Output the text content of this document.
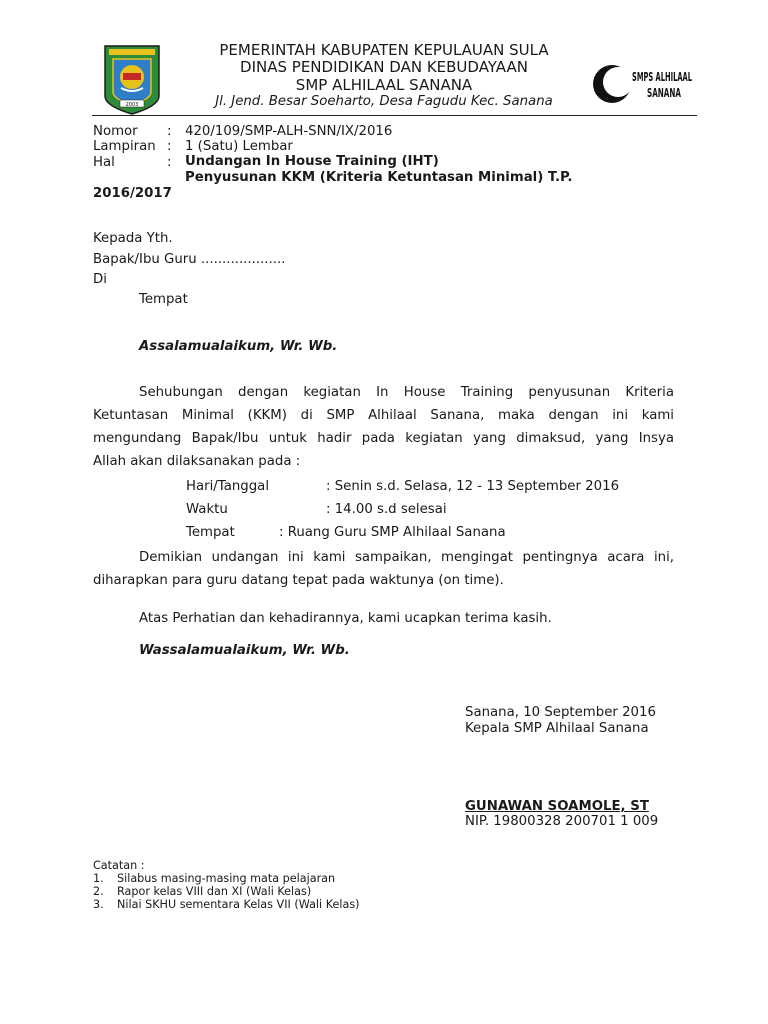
2003
PEMERINTAH KABUPATEN KEPULAUAN SULA
DINAS PENDIDIKAN DAN KEBUDAYAAN
SMP ALHILAAL SANANA
Jl. Jend. Besar Soeharto, Desa Fagudu Kec. Sanana
SMPS ALHILAAL
SANANA
Nomor : 420/109/SMP-ALH-SNN/IX/2016
Lampiran : 1 (Satu) Lembar
Hal	: Undangan In House Training (IHT)
Penyusunan KKM (Kriteria Ketuntasan Minimal) T.P.
2016/2017
Kepada Yth.
Bapak/Ibu Guru ....................
Di
Tempat
Assalamualaikum, Wr. Wb.
Sehubungan dengan kegiatan In House Training penyusunan Kriteria
Ketuntasan Minimal (KKM) di SMP Alhilaal Sanana, maka dengan ini kami
mengundang Bapak/Ibu untuk hadir pada kegiatan yang dimaksud, yang Insya
Allah akan dilaksanakan pada :
Hari/Tanggal	: Senin s.d. Selasa, 12 - 13 September 2016
Waktu	: 14.00 s.d selesai
Tempat	: Ruang Guru SMP Alhilaal Sanana
Demikian undangan ini kami sampaikan, mengingat pentingnya acara ini,
diharapkan para guru datang tepat pada waktunya (on time).
Atas Perhatian dan kehadirannya, kami ucapkan terima kasih.
Wassalamualaikum, Wr. Wb.
Sanana, 10 September 2016
Kepala SMP Alhilaal Sanana
GUNAWAN SOAMOLE, ST
NIP. 19800328 200701 1 009
Catatan :
1. Silabus masing-masing mata pelajaran
2. Rapor kelas VIII dan XI (Wali Kelas)
3. Nilai SKHU sementara Kelas VII (Wali Kelas)
